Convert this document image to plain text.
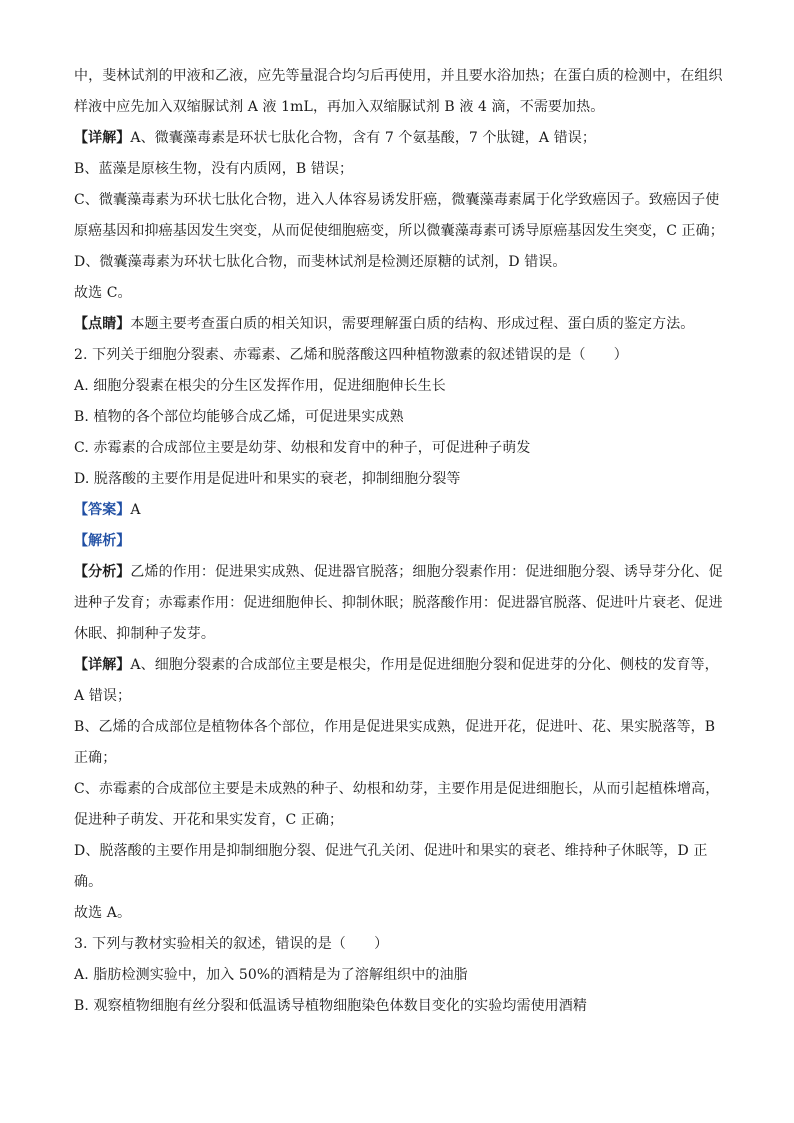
中，斐林试剂的甲液和乙液，应先等量混合均匀后再使用，并且要水浴加热；在蛋白质的检测中，在组织
样液中应先加入双缩脲试剂 A 液 1mL，再加入双缩脲试剂 B 液 4 滴，不需要加热。
【详解】A、微囊藻毒素是环状七肽化合物，含有 7 个氨基酸，7 个肽键，A 错误；
B、蓝藻是原核生物，没有内质网，B 错误；
C、微囊藻毒素为环状七肽化合物，进入人体容易诱发肝癌，微囊藻毒素属于化学致癌因子。致癌因子使
原癌基因和抑癌基因发生突变，从而促使细胞癌变，所以微囊藻毒素可诱导原癌基因发生突变，C 正确；
D、微囊藻毒素为环状七肽化合物，而斐林试剂是检测还原糖的试剂，D 错误。
故选 C。
【点睛】本题主要考查蛋白质的相关知识，需要理解蛋白质的结构、形成过程、蛋白质的鉴定方法。
2. 下列关于细胞分裂素、赤霉素、乙烯和脱落酸这四种植物激素的叙述错误的是（　　）
A. 细胞分裂素在根尖的分生区发挥作用，促进细胞伸长生长
B. 植物的各个部位均能够合成乙烯，可促进果实成熟
C. 赤霉素的合成部位主要是幼芽、幼根和发育中的种子，可促进种子萌发
D. 脱落酸的主要作用是促进叶和果实的衰老，抑制细胞分裂等
【答案】A
【解析】
【分析】乙烯的作用：促进果实成熟、促进器官脱落；细胞分裂素作用：促进细胞分裂、诱导芽分化、促
进种子发育；赤霉素作用：促进细胞伸长、抑制休眠；脱落酸作用：促进器官脱落、促进叶片衰老、促进
休眠、抑制种子发芽。
【详解】A、细胞分裂素的合成部位主要是根尖，作用是促进细胞分裂和促进芽的分化、侧枝的发育等，
A 错误；
B、乙烯的合成部位是植物体各个部位，作用是促进果实成熟，促进开花，促进叶、花、果实脱落等，B
正确；
C、赤霉素的合成部位主要是未成熟的种子、幼根和幼芽，主要作用是促进细胞长，从而引起植株增高，
促进种子萌发、开花和果实发育，C 正确；
D、脱落酸的主要作用是抑制细胞分裂、促进气孔关闭、促进叶和果实的衰老、维持种子休眠等，D 正
确。
故选 A。
3. 下列与教材实验相关的叙述，错误的是（　　）
A. 脂肪检测实验中，加入 50%的酒精是为了溶解组织中的油脂
B. 观察植物细胞有丝分裂和低温诱导植物细胞染色体数目变化的实验均需使用酒精
